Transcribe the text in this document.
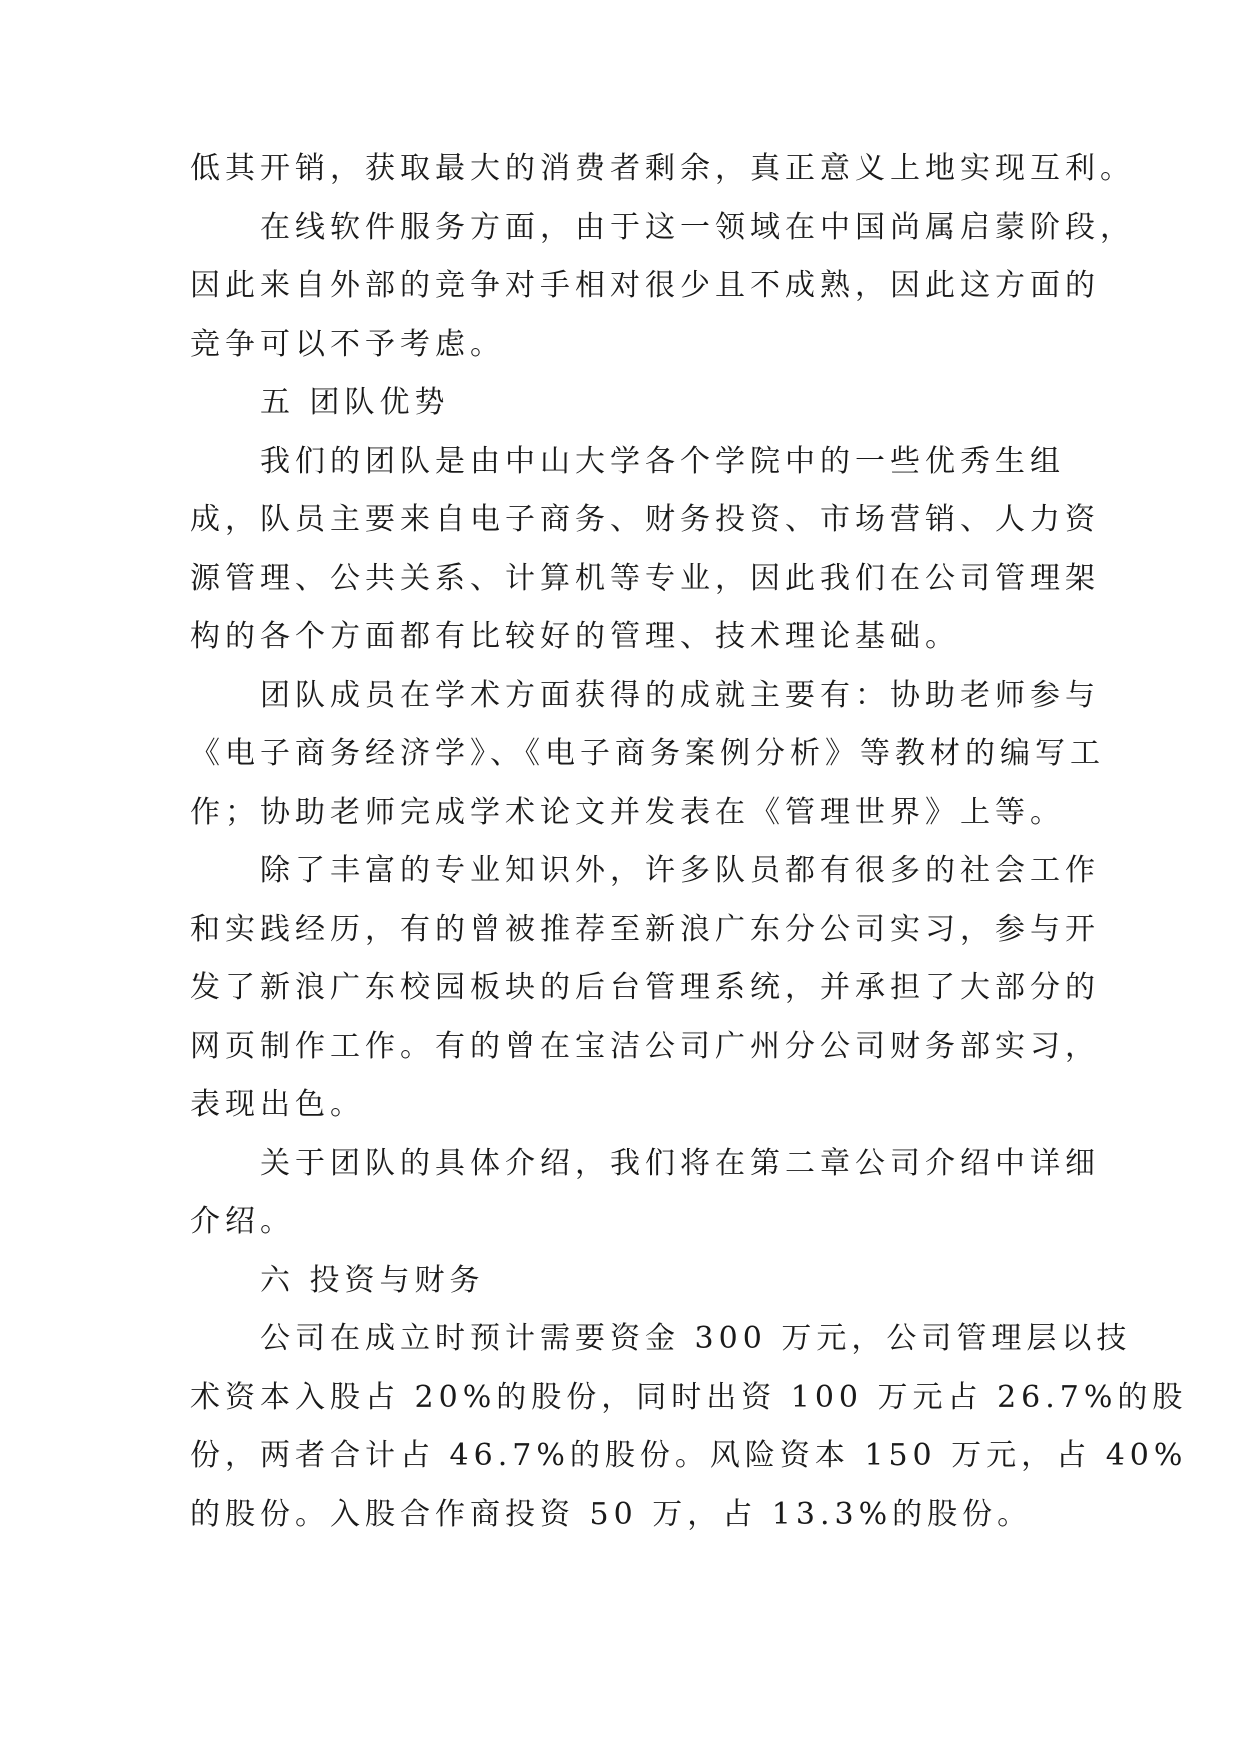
低其开销，获取最大的消费者剩余，真正意义上地实现互利。
在线软件服务方面，由于这一领域在中国尚属启蒙阶段，
因此来自外部的竞争对手相对很少且不成熟，因此这方面的
竞争可以不予考虑。
五 团队优势
我们的团队是由中山大学各个学院中的一些优秀生组
成，队员主要来自电子商务、财务投资、市场营销、人力资
源管理、公共关系、计算机等专业，因此我们在公司管理架
构的各个方面都有比较好的管理、技术理论基础。
团队成员在学术方面获得的成就主要有：协助老师参与
《电子商务经济学》、《电子商务案例分析》等教材的编写工
作；协助老师完成学术论文并发表在《管理世界》上等。
除了丰富的专业知识外，许多队员都有很多的社会工作
和实践经历，有的曾被推荐至新浪广东分公司实习，参与开
发了新浪广东校园板块的后台管理系统，并承担了大部分的
网页制作工作。有的曾在宝洁公司广州分公司财务部实习，
表现出色。
关于团队的具体介绍，我们将在第二章公司介绍中详细
介绍。
六 投资与财务
公司在成立时预计需要资金 300 万元，公司管理层以技
术资本入股占 20%的股份，同时出资 100 万元占 26.7%的股
份，两者合计占 46.7%的股份。风险资本 150 万元，占 40%
的股份。入股合作商投资 50 万，占 13.3%的股份。
